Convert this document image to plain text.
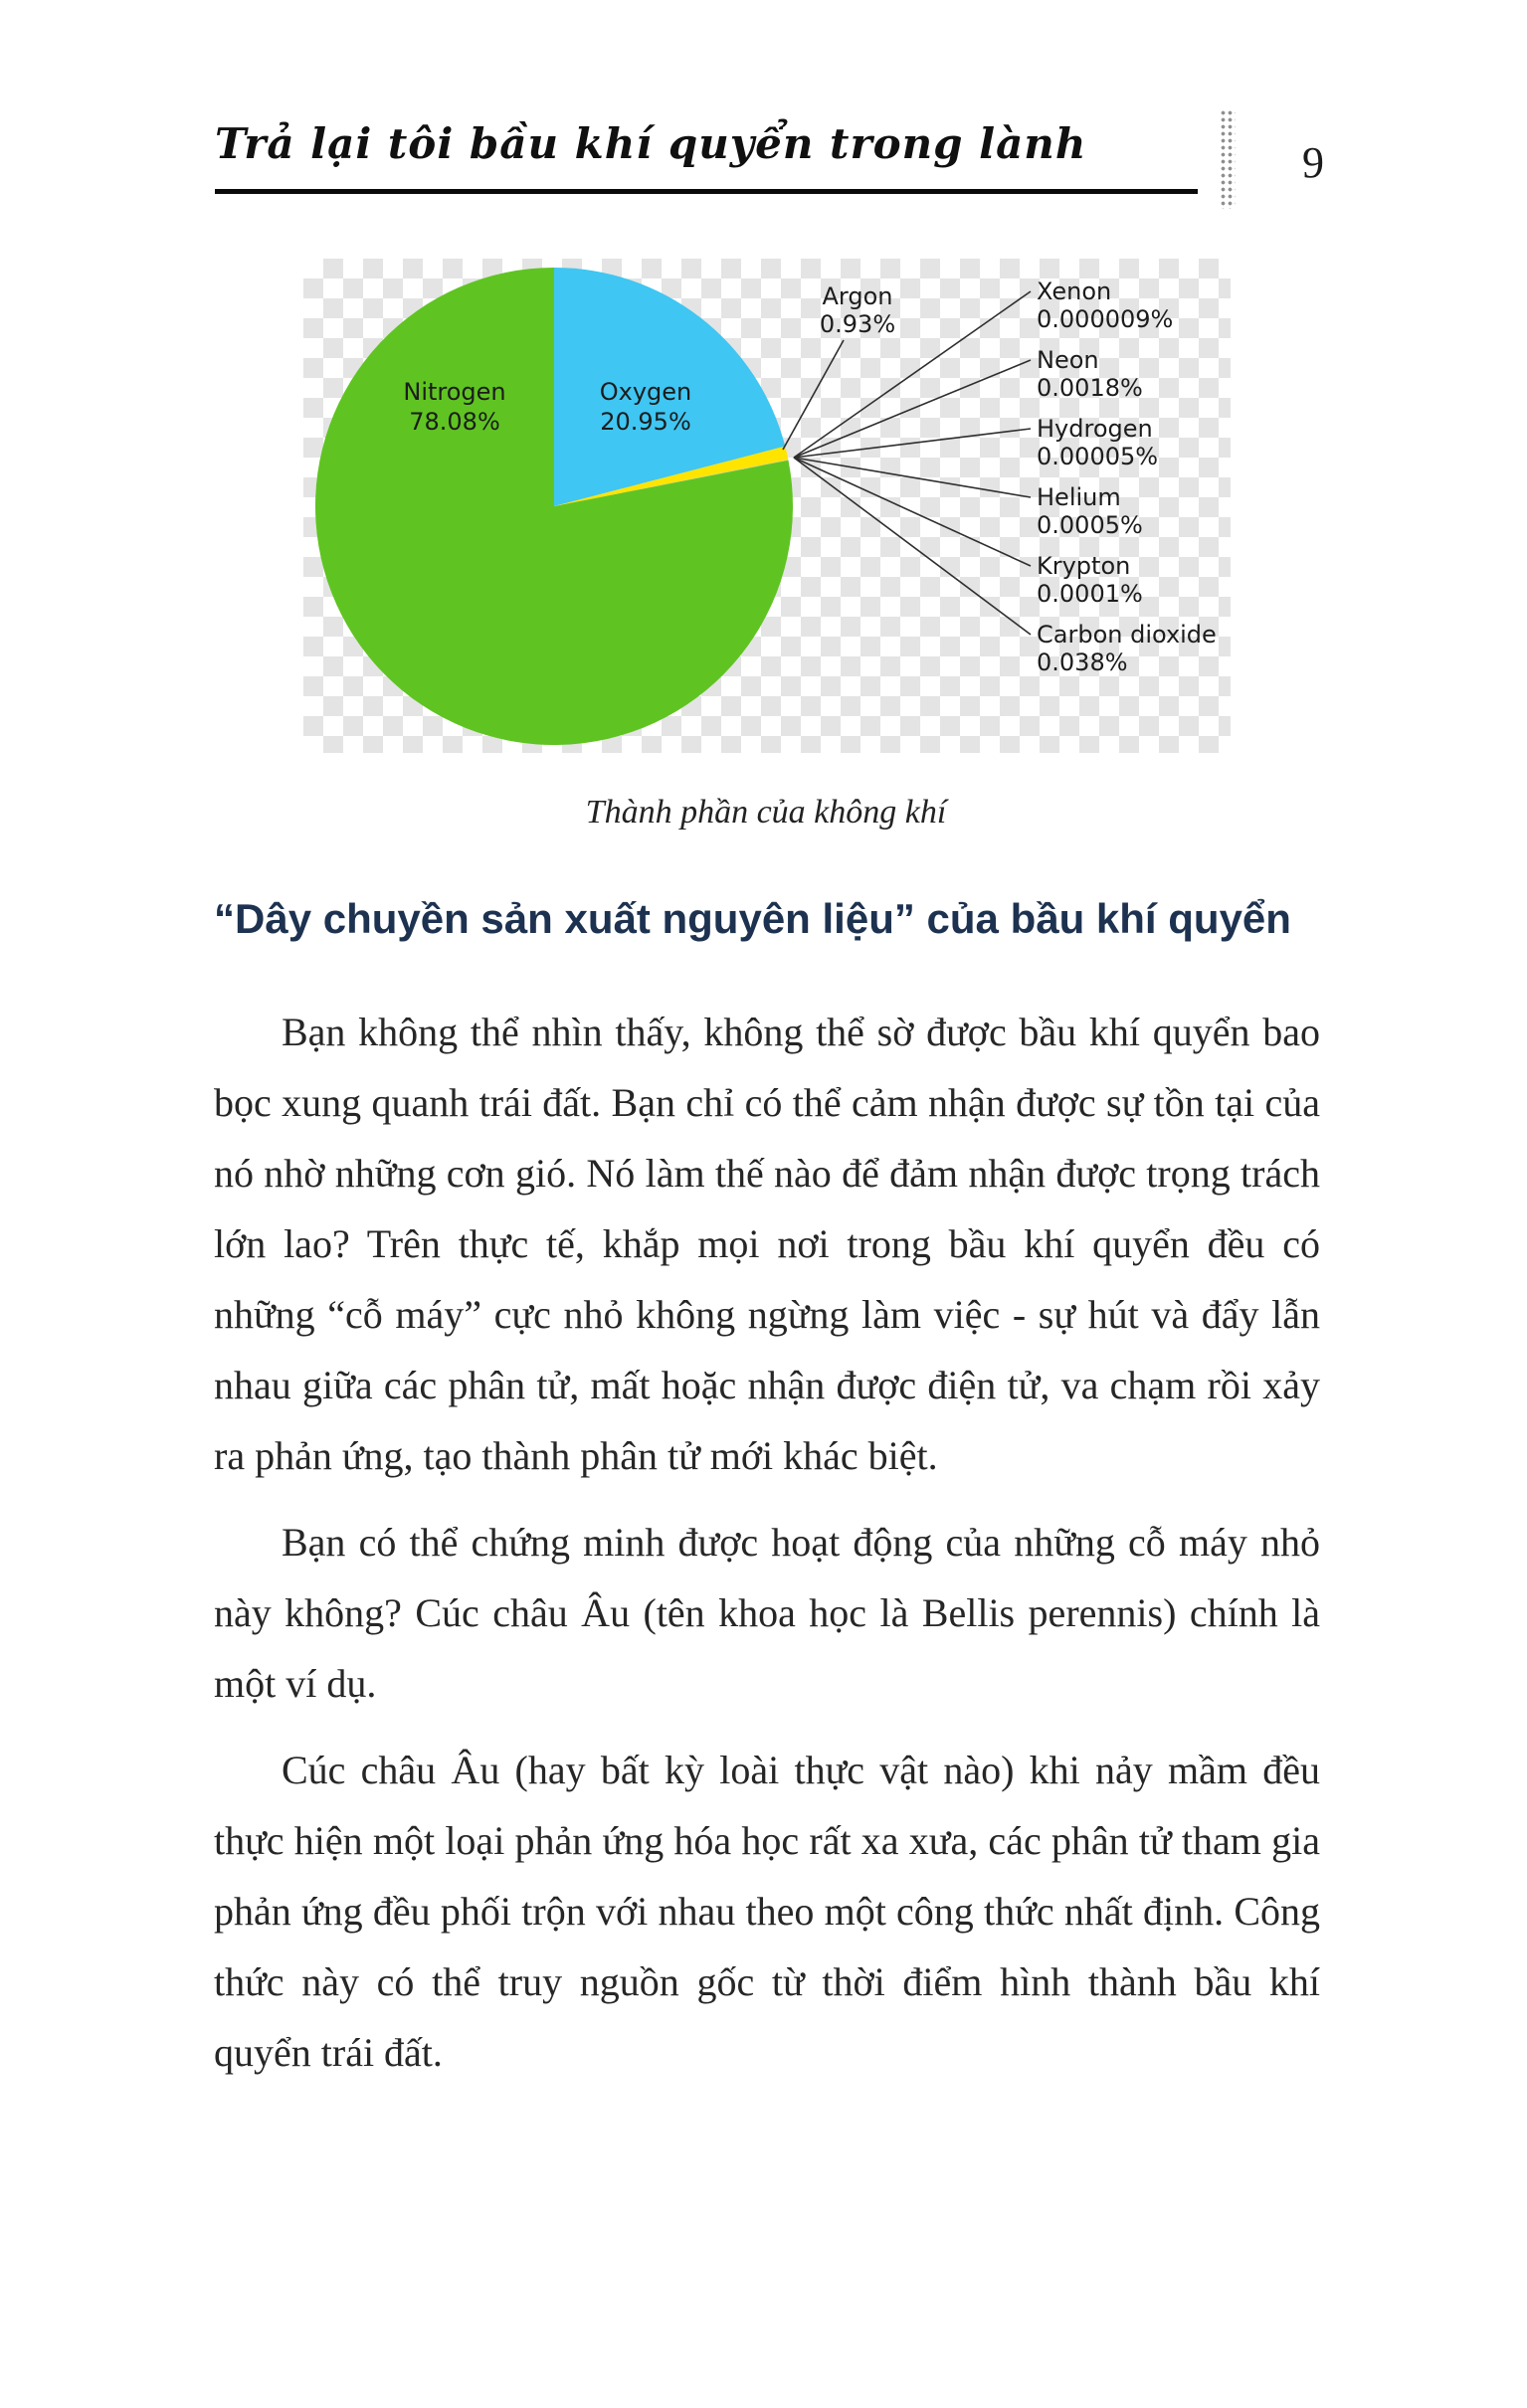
Trả lại tôi bầu khí quyển trong lành	9
Oxygen
20.95%
Argon
0.93%
Xenon
0.000009%
Neon
0.0018%
Hydrogen
0.00005%
Helium
0.0005%
Krypton
0.0001%
Carbon dioxide
0.038%
Nitrogen
78.08%
Thành phần của không khí
“Dây chuyền sản xuất nguyên liệu” của bầu khí quyển

Bạn không thể nhìn thấy, không thể sờ được bầu khí quyển bao bọc xung quanh trái đất. Bạn chỉ có thể cảm nhận được sự tồn tại của nó nhờ những cơn gió. Nó làm thế nào để đảm nhận được trọng trách lớn lao? Trên thực tế, khắp mọi nơi trong bầu khí quyển đều có những “cỗ máy” cực nhỏ không ngừng làm việc - sự hút và đẩy lẫn nhau giữa các phân tử, mất hoặc nhận được điện tử, va chạm rồi xảy ra phản ứng, tạo thành phân tử mới khác biệt.

Bạn có thể chứng minh được hoạt động của những cỗ máy nhỏ này không? Cúc châu Âu (tên khoa học là Bellis perennis) chính là một ví dụ.

Cúc châu Âu (hay bất kỳ loài thực vật nào) khi nảy mầm đều thực hiện một loại phản ứng hóa học rất xa xưa, các phân tử tham gia phản ứng đều phối trộn với nhau theo một công thức nhất định. Công thức này có thể truy nguồn gốc từ thời điểm hình thành bầu khí quyển trái đất.
